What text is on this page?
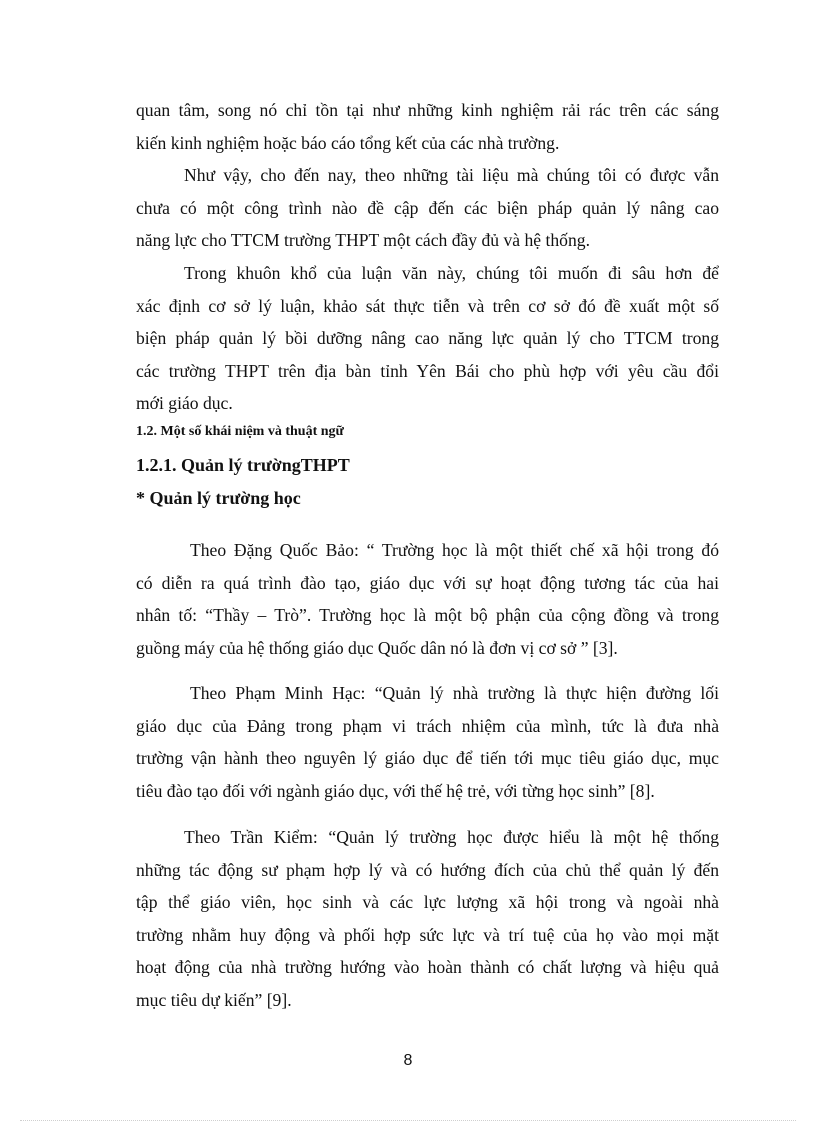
quan tâm, song nó chỉ tồn tại như những kinh nghiệm rải rác trên các sáng
kiến kinh nghiệm hoặc báo cáo tổng kết của các nhà trường.
Như vậy, cho đến nay, theo những tài liệu mà chúng tôi có được vẫn
chưa có một công trình nào đề cập đến các biện pháp quản lý nâng cao
năng lực cho TTCM trường THPT một cách đầy đủ và hệ thống.
Trong khuôn khổ của luận văn này, chúng tôi muốn đi sâu hơn để
xác định cơ sở lý luận, khảo sát thực tiễn và trên cơ sở đó đề xuất một số
biện pháp quản lý bồi dưỡng nâng cao năng lực quản lý cho TTCM trong
các trường THPT trên địa bàn tỉnh Yên Bái cho phù hợp với yêu cầu đổi
mới giáo dục.

1.2. Một số khái niệm và thuật ngữ

1.2.1. Quản lý trườngTHPT

* Quản lý trường học

Theo Đặng Quốc Bảo: “ Trường học là một thiết chế xã hội trong đó
có diễn ra quá trình đào tạo, giáo dục với sự hoạt động tương tác của hai
nhân tố: “Thầy – Trò”. Trường học là một bộ phận của cộng đồng và trong
guồng máy của hệ thống giáo dục Quốc dân nó là đơn vị cơ sở ” [3].
Theo Phạm Minh Hạc: “Quản lý nhà trường là thực hiện đường lối
giáo dục của Đảng trong phạm vi trách nhiệm của mình, tức là đưa nhà
trường vận hành theo nguyên lý giáo dục để tiến tới mục tiêu giáo dục, mục
tiêu đào tạo đối với ngành giáo dục, với thế hệ trẻ, với từng học sinh” [8].
Theo Trần Kiểm: “Quản lý trường học được hiểu là một hệ thống
những tác động sư phạm hợp lý và có hướng đích của chủ thể quản lý đến
tập thể giáo viên, học sinh và các lực lượng xã hội trong và ngoài nhà
trường nhằm huy động và phối hợp sức lực và trí tuệ của họ vào mọi mặt
hoạt động của nhà trường hướng vào hoàn thành có chất lượng và hiệu quả
mục tiêu dự kiến” [9].
8
